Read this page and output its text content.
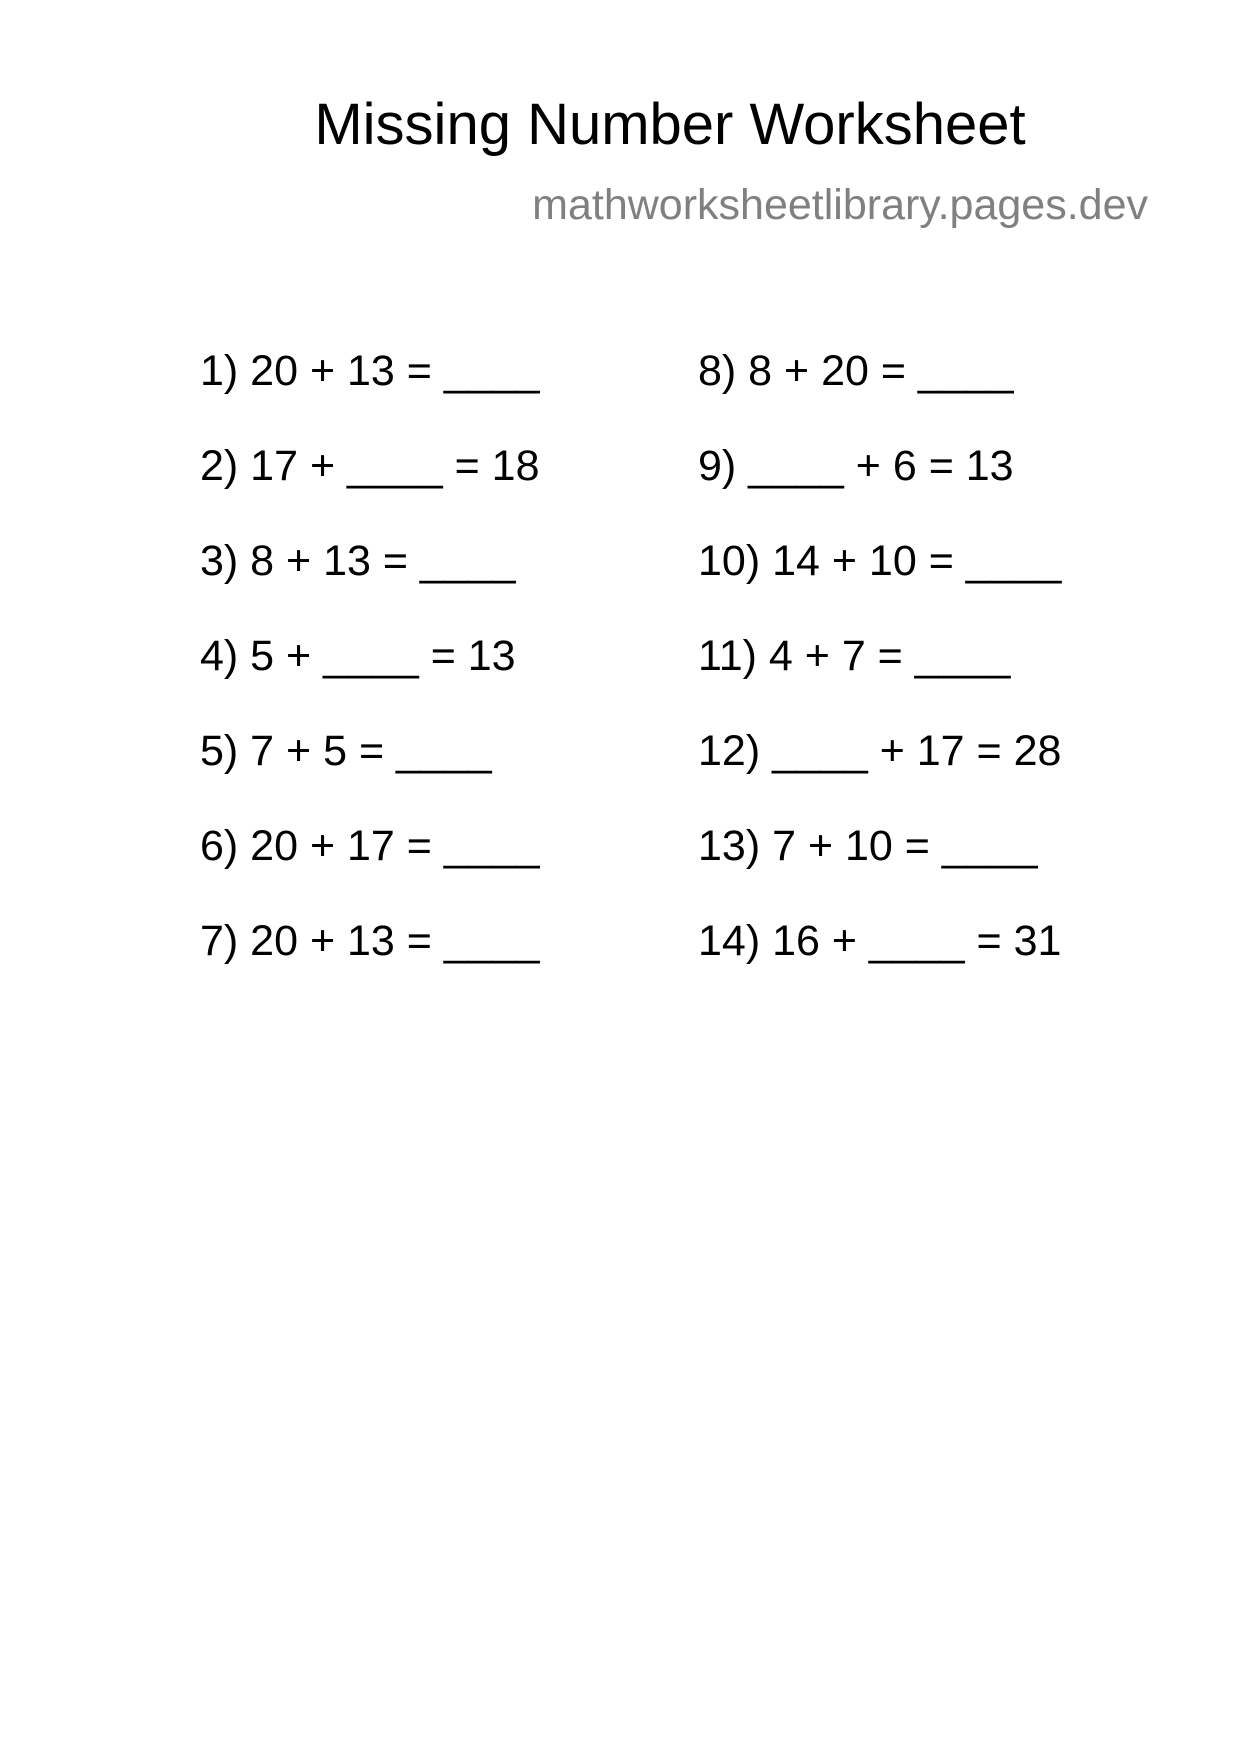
Missing Number Worksheet
mathworksheetlibrary.pages.dev
1) 20 + 13 = ____
2) 17 + ____ = 18
3) 8 + 13 = ____
4) 5 + ____ = 13
5) 7 + 5 = ____
6) 20 + 17 = ____
7) 20 + 13 = ____
8) 8 + 20 = ____
9) ____ + 6 = 13
10) 14 + 10 = ____
11) 4 + 7 = ____
12) ____ + 17 = 28
13) 7 + 10 = ____
14) 16 + ____ = 31
